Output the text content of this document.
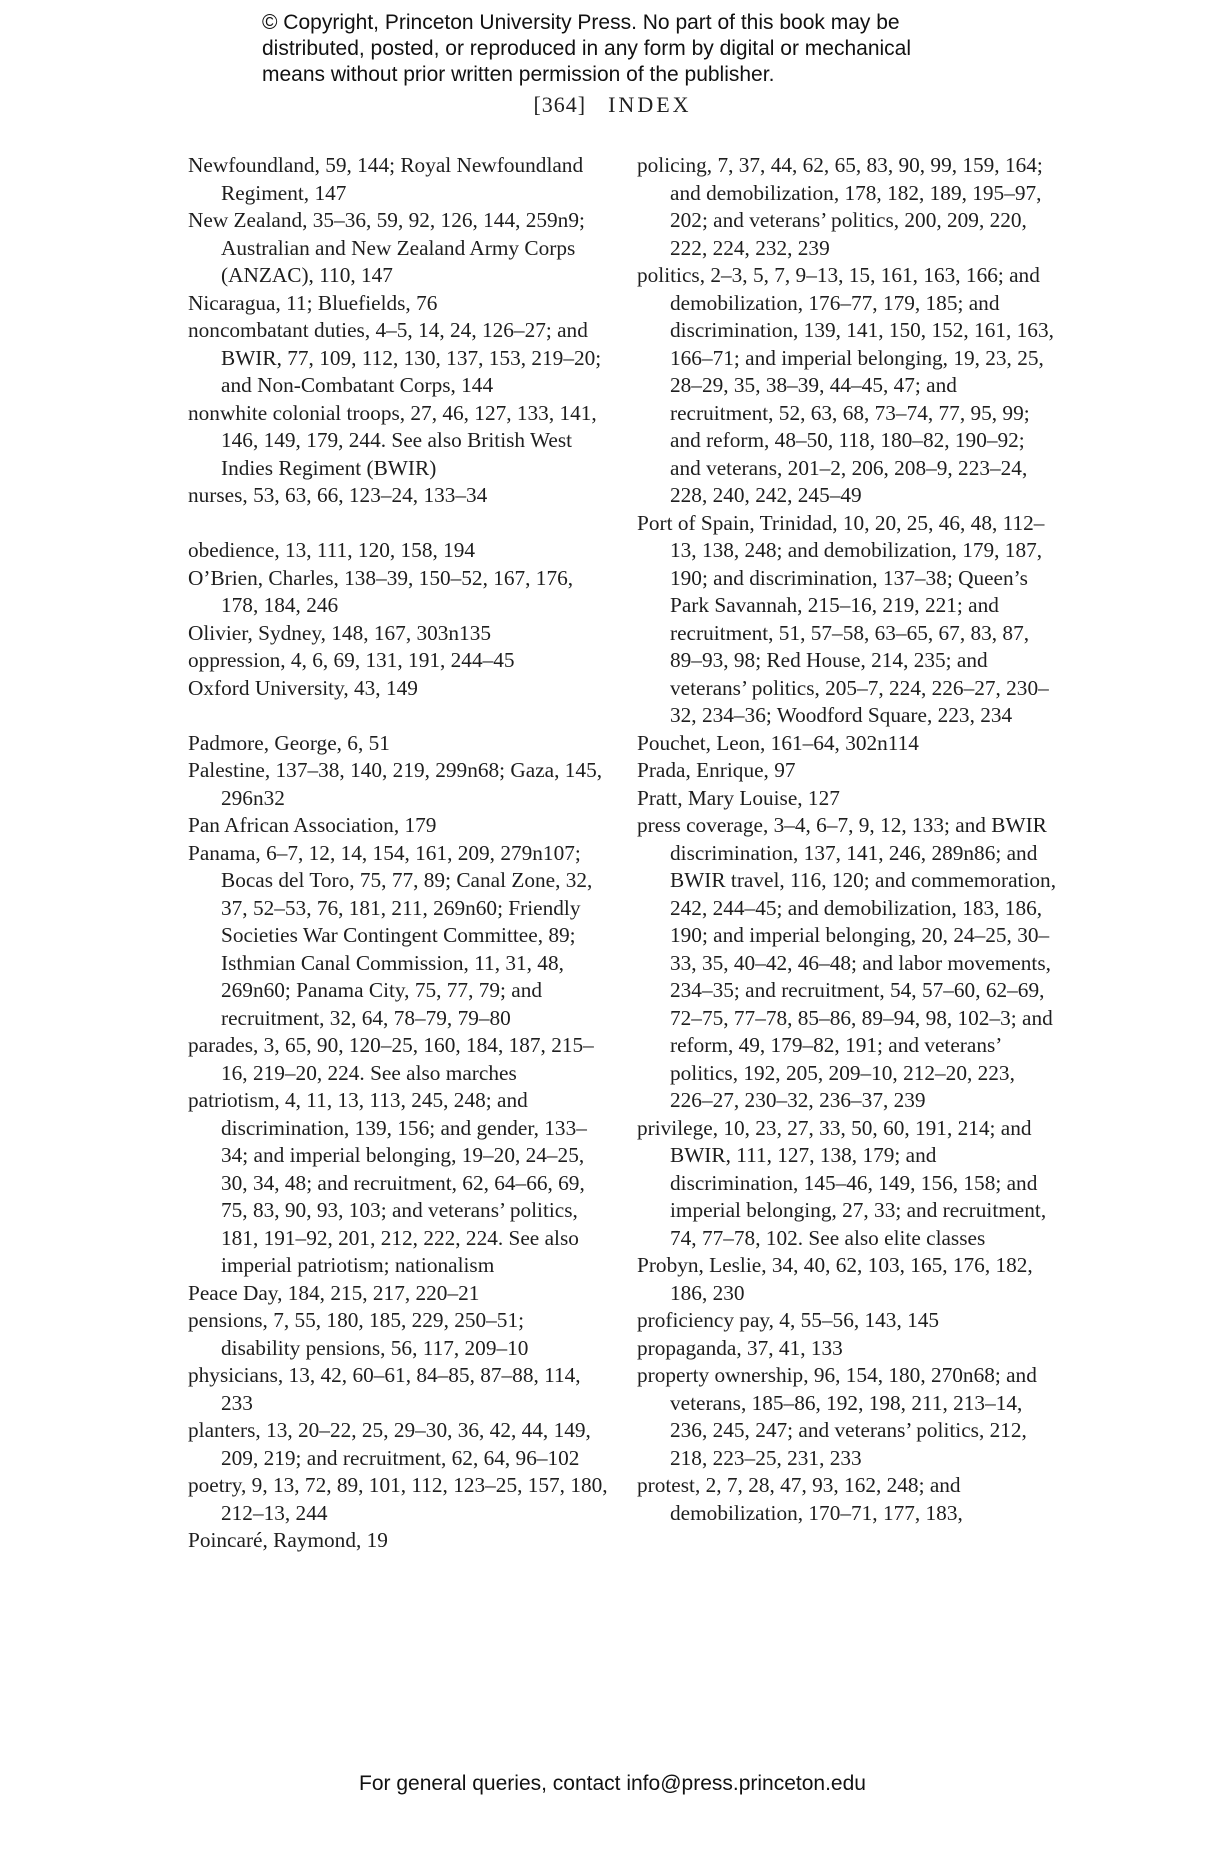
© Copyright, Princeton University Press. No part of this book may be

distributed, posted, or reproduced in any form by digital or mechanical

means without prior written permission of the publisher.

[364] INDEX

Newfoundland, 59, 144; Royal Newfoundland Regiment, 147

New Zealand, 35–36, 59, 92, 126, 144, 259n9; Australian and New Zealand Army Corps (ANZAC), 110, 147

Nicaragua, 11; Bluefields, 76

noncombatant duties, 4–5, 14, 24, 126–27; and BWIR, 77, 109, 112, 130, 137, 153, 219–20; and Non-Combatant Corps, 144

nonwhite colonial troops, 27, 46, 127, 133, 141, 146, 149, 179, 244. See also British West Indies Regiment (BWIR)

nurses, 53, 63, 66, 123–24, 133–34

obedience, 13, 111, 120, 158, 194

O’Brien, Charles, 138–39, 150–52, 167, 176, 178, 184, 246

Olivier, Sydney, 148, 167, 303n135

oppression, 4, 6, 69, 131, 191, 244–45

Oxford University, 43, 149

Padmore, George, 6, 51

Palestine, 137–38, 140, 219, 299n68; Gaza, 145, 296n32

Pan African Association, 179

Panama, 6–7, 12, 14, 154, 161, 209, 279n107; Bocas del Toro, 75, 77, 89; Canal Zone, 32, 37, 52–53, 76, 181, 211, 269n60; Friendly Societies War Contingent Committee, 89; Isthmian Canal Commission, 11, 31, 48, 269n60; Panama City, 75, 77, 79; and recruitment, 32, 64, 78–79, 79–80

parades, 3, 65, 90, 120–25, 160, 184, 187, 215–16, 219–20, 224. See also marches

patriotism, 4, 11, 13, 113, 245, 248; and discrimination, 139, 156; and gender, 133–34; and imperial belonging, 19–20, 24–25, 30, 34, 48; and recruitment, 62, 64–66, 69, 75, 83, 90, 93, 103; and veterans’ politics, 181, 191–92, 201, 212, 222, 224. See also imperial patriotism; nationalism

Peace Day, 184, 215, 217, 220–21

pensions, 7, 55, 180, 185, 229, 250–51; disability pensions, 56, 117, 209–10

physicians, 13, 42, 60–61, 84–85, 87–88, 114, 233

planters, 13, 20–22, 25, 29–30, 36, 42, 44, 149, 209, 219; and recruitment, 62, 64, 96–102

poetry, 9, 13, 72, 89, 101, 112, 123–25, 157, 180, 212–13, 244

Poincaré, Raymond, 19

policing, 7, 37, 44, 62, 65, 83, 90, 99, 159, 164; and demobilization, 178, 182, 189, 195–97, 202; and veterans’ politics, 200, 209, 220, 222, 224, 232, 239

politics, 2–3, 5, 7, 9–13, 15, 161, 163, 166; and demobilization, 176–77, 179, 185; and discrimination, 139, 141, 150, 152, 161, 163, 166–71; and imperial belonging, 19, 23, 25, 28–29, 35, 38–39, 44–45, 47; and recruitment, 52, 63, 68, 73–74, 77, 95, 99; and reform, 48–50, 118, 180–82, 190–92; and veterans, 201–2, 206, 208–9, 223–24, 228, 240, 242, 245–49

Port of Spain, Trinidad, 10, 20, 25, 46, 48, 112–13, 138, 248; and demobilization, 179, 187, 190; and discrimination, 137–38; Queen’s Park Savannah, 215–16, 219, 221; and recruitment, 51, 57–58, 63–65, 67, 83, 87, 89–93, 98; Red House, 214, 235; and veterans’ politics, 205–7, 224, 226–27, 230–32, 234–36; Woodford Square, 223, 234

Pouchet, Leon, 161–64, 302n114

Prada, Enrique, 97

Pratt, Mary Louise, 127

press coverage, 3–4, 6–7, 9, 12, 133; and BWIR discrimination, 137, 141, 246, 289n86; and BWIR travel, 116, 120; and commemoration, 242, 244–45; and demobilization, 183, 186, 190; and imperial belonging, 20, 24–25, 30–33, 35, 40–42, 46–48; and labor movements, 234–35; and recruitment, 54, 57–60, 62–69, 72–75, 77–78, 85–86, 89–94, 98, 102–3; and reform, 49, 179–82, 191; and veterans’ politics, 192, 205, 209–10, 212–20, 223, 226–27, 230–32, 236–37, 239

privilege, 10, 23, 27, 33, 50, 60, 191, 214; and BWIR, 111, 127, 138, 179; and discrimination, 145–46, 149, 156, 158; and imperial belonging, 27, 33; and recruitment, 74, 77–78, 102. See also elite classes

Probyn, Leslie, 34, 40, 62, 103, 165, 176, 182, 186, 230

proficiency pay, 4, 55–56, 143, 145

propaganda, 37, 41, 133

property ownership, 96, 154, 180, 270n68; and veterans, 185–86, 192, 198, 211, 213–14, 236, 245, 247; and veterans’ politics, 212, 218, 223–25, 231, 233

protest, 2, 7, 28, 47, 93, 162, 248; and demobilization, 170–71, 177, 183,

For general queries, contact info@press.princeton.edu
